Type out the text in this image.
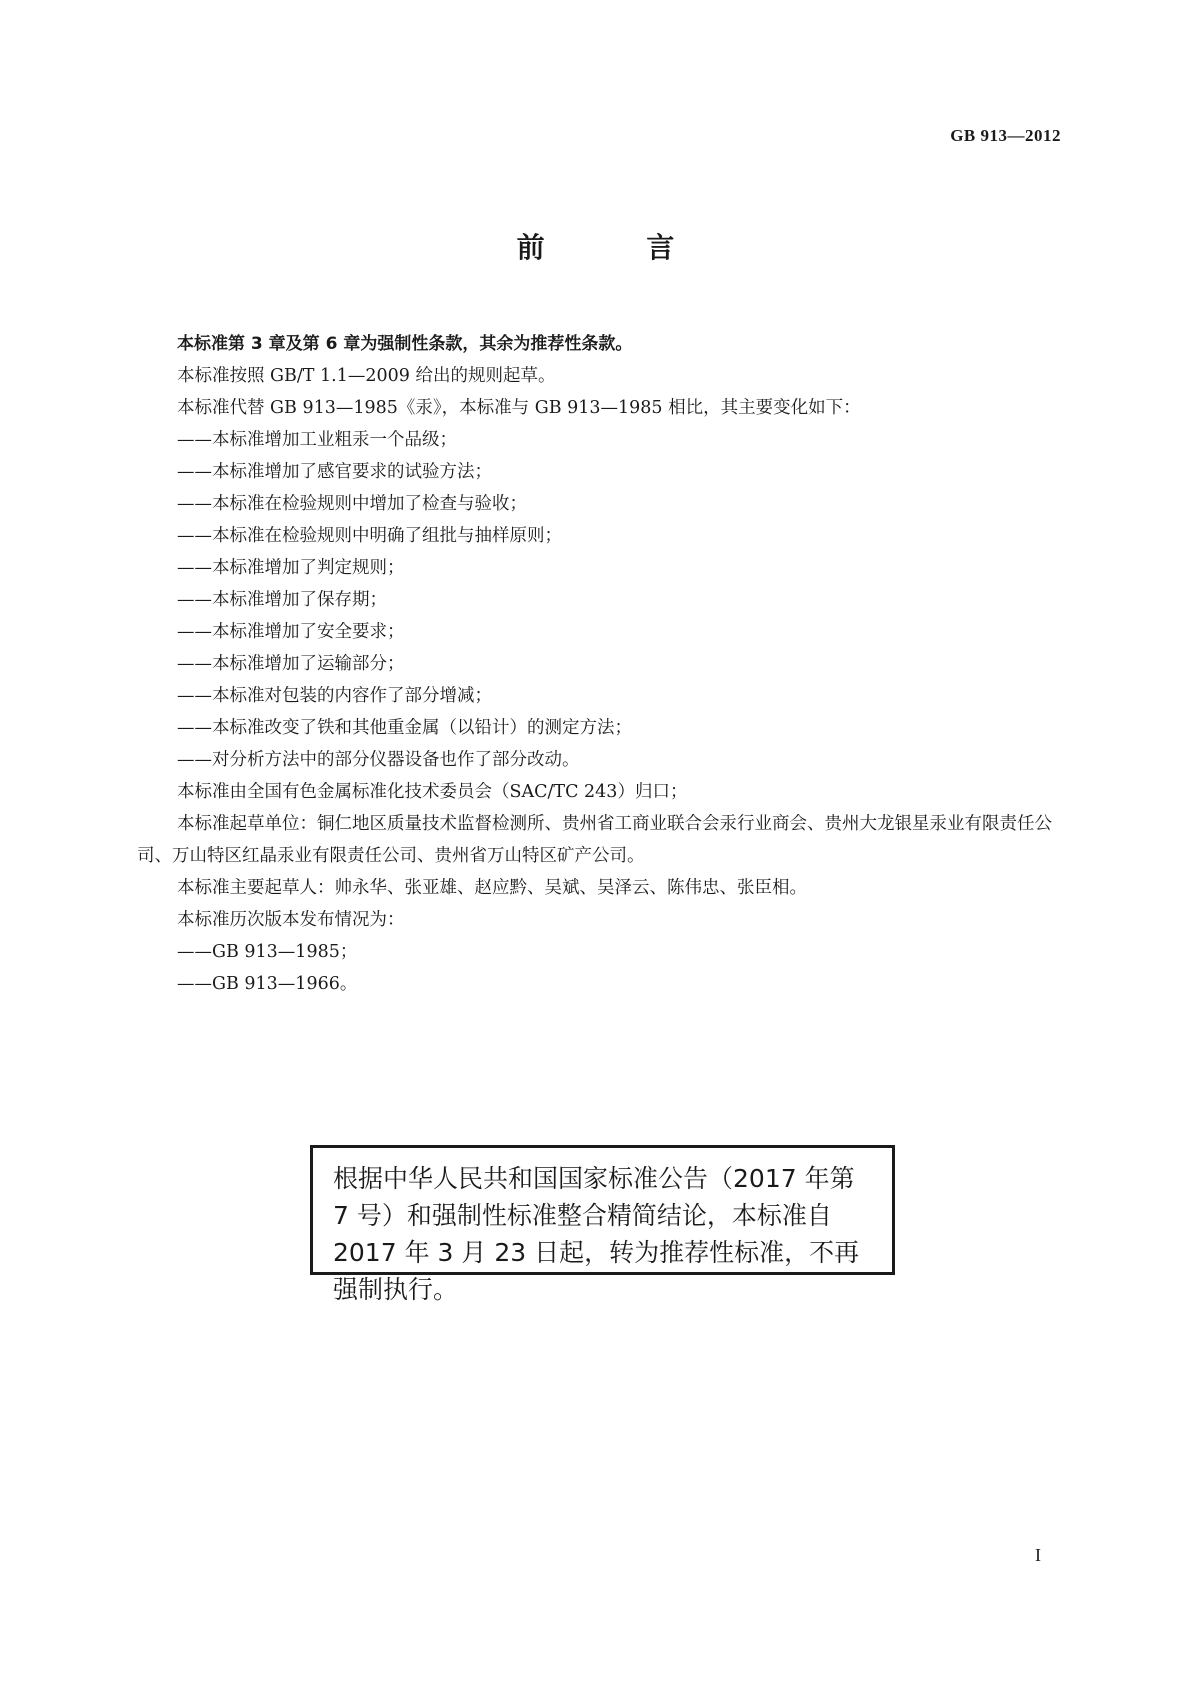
GB 913—2012
前 言

本标准第 3 章及第 6 章为强制性条款，其余为推荐性条款。

本标准按照 GB/T 1.1—2009 给出的规则起草。

本标准代替 GB 913—1985《汞》，本标准与 GB 913—1985 相比，其主要变化如下：

——本标准增加工业粗汞一个品级；

——本标准增加了感官要求的试验方法；

——本标准在检验规则中增加了检查与验收；

——本标准在检验规则中明确了组批与抽样原则；

——本标准增加了判定规则；

——本标准增加了保存期；

——本标准增加了安全要求；

——本标准增加了运输部分；

——本标准对包装的内容作了部分增减；

——本标准改变了铁和其他重金属（以铅计）的测定方法；

——对分析方法中的部分仪器设备也作了部分改动。

本标准由全国有色金属标准化技术委员会（SAC/TC 243）归口；

本标准起草单位：铜仁地区质量技术监督检测所、贵州省工商业联合会汞行业商会、贵州大龙银星汞业有限责任公司、万山特区红晶汞业有限责任公司、贵州省万山特区矿产公司。

本标准主要起草人：帅永华、张亚雄、赵应黔、吴斌、吴泽云、陈伟忠、张臣相。

本标准历次版本发布情况为：

——GB 913—1985；

——GB 913—1966。

根据中华人民共和国国家标准公告（2017 年第 7 号）和强制性标准整合精简结论，本标准自 2017 年 3 月 23 日起，转为推荐性标准，不再强制执行。
I
